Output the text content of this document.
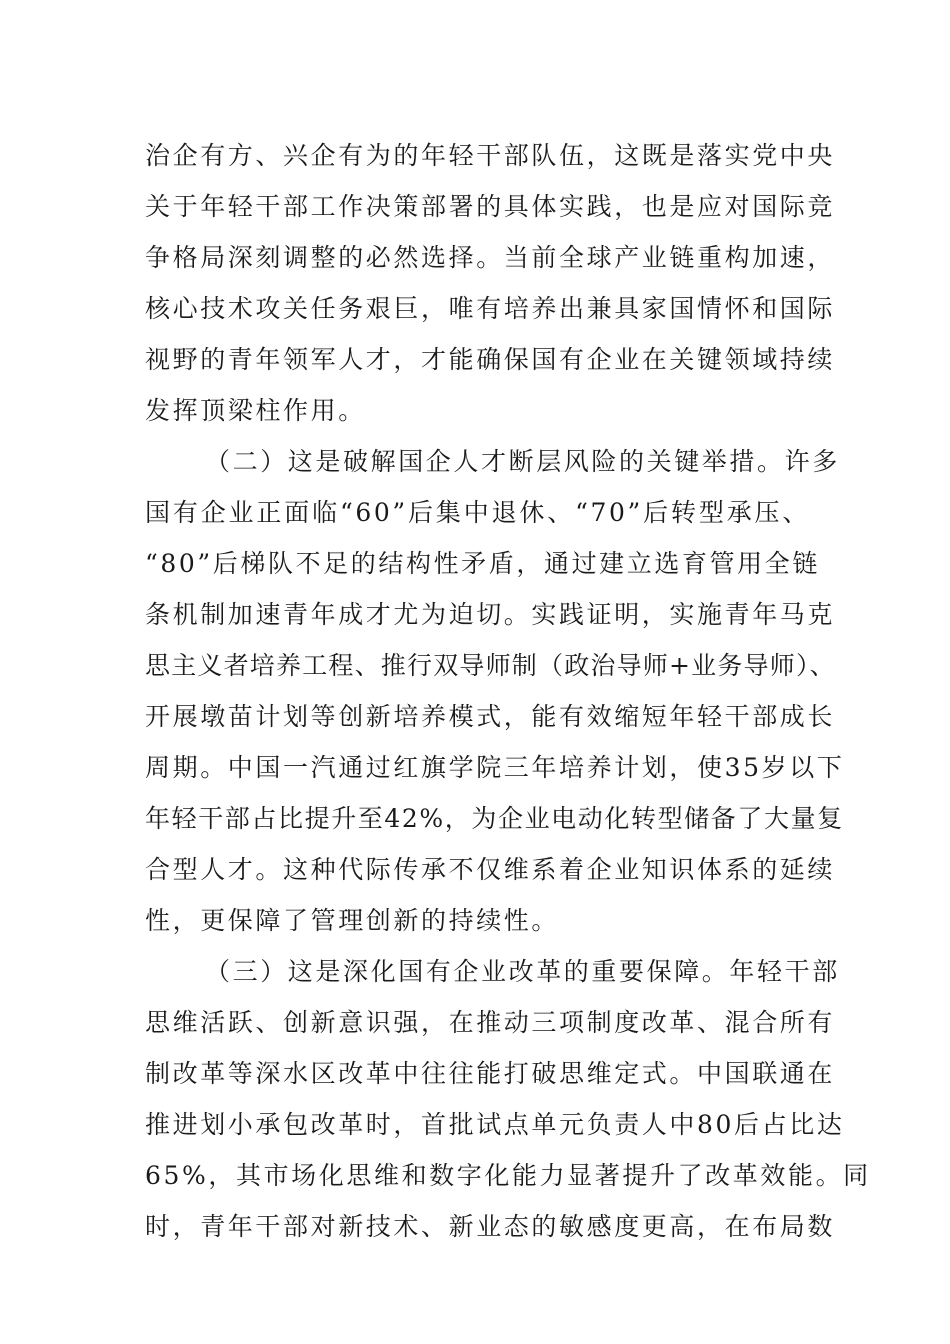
治企有方、兴企有为的年轻干部队伍，这既是落实党中央
关于年轻干部工作决策部署的具体实践，也是应对国际竞
争格局深刻调整的必然选择。当前全球产业链重构加速，
核心技术攻关任务艰巨，唯有培养出兼具家国情怀和国际
视野的青年领军人才，才能确保国有企业在关键领域持续
发挥顶梁柱作用。
（二）这是破解国企人才断层风险的关键举措。许多
国有企业正面临“60”后集中退休、“70”后转型承压、
“80”后梯队不足的结构性矛盾，通过建立选育管用全链
条机制加速青年成才尤为迫切。实践证明，实施青年马克
思主义者培养工程、推行双导师制（政治导师+业务导师）、
开展墩苗计划等创新培养模式，能有效缩短年轻干部成长
周期。中国一汽通过红旗学院三年培养计划，使35岁以下
年轻干部占比提升至42%，为企业电动化转型储备了大量复
合型人才。这种代际传承不仅维系着企业知识体系的延续
性，更保障了管理创新的持续性。
（三）这是深化国有企业改革的重要保障。年轻干部
思维活跃、创新意识强，在推动三项制度改革、混合所有
制改革等深水区改革中往往能打破思维定式。中国联通在
推进划小承包改革时，首批试点单元负责人中80后占比达
65%，其市场化思维和数字化能力显著提升了改革效能。同
时，青年干部对新技术、新业态的敏感度更高，在布局数
